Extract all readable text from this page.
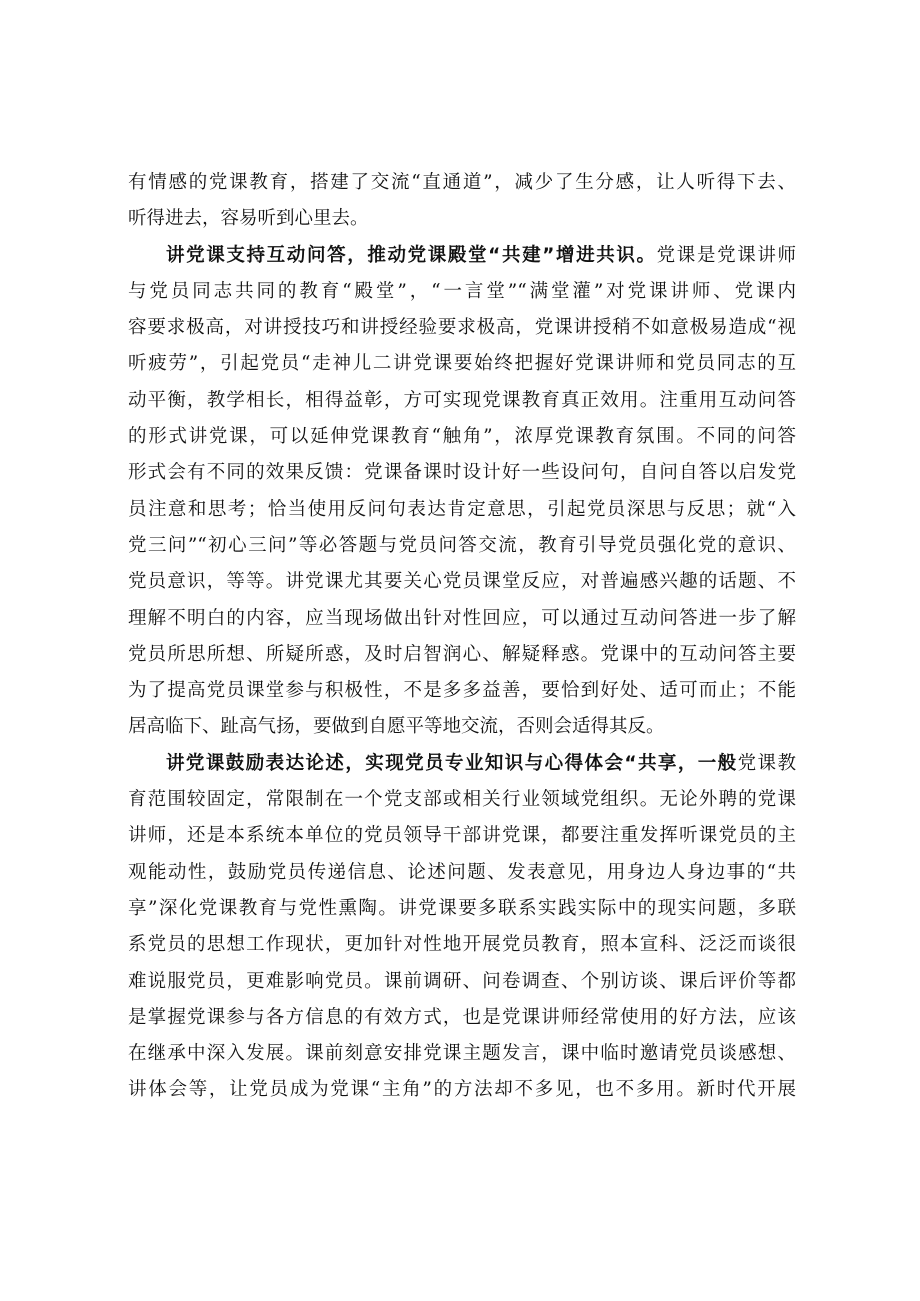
有情感的党课教育，搭建了交流“直通道”，减少了生分感，让人听得下去、
听得进去，容易听到心里去。
讲党课支持互动问答，推动党课殿堂“共建”增进共识。党课是党课讲师
与党员同志共同的教育“殿堂”，“一言堂”“满堂灌”对党课讲师、党课内
容要求极高，对讲授技巧和讲授经验要求极高，党课讲授稍不如意极易造成“视
听疲劳”，引起党员“走神儿二讲党课要始终把握好党课讲师和党员同志的互
动平衡，教学相长，相得益彰，方可实现党课教育真正效用。注重用互动问答
的形式讲党课，可以延伸党课教育“触角”，浓厚党课教育氛围。不同的问答
形式会有不同的效果反馈：党课备课时设计好一些设问句，自问自答以启发党
员注意和思考；恰当使用反问句表达肯定意思，引起党员深思与反思；就“入
党三问”“初心三问”等必答题与党员问答交流，教育引导党员强化党的意识、
党员意识，等等。讲党课尤其要关心党员课堂反应，对普遍感兴趣的话题、不
理解不明白的内容，应当现场做出针对性回应，可以通过互动问答进一步了解
党员所思所想、所疑所惑，及时启智润心、解疑释惑。党课中的互动问答主要
为了提高党员课堂参与积极性，不是多多益善，要恰到好处、适可而止；不能
居高临下、趾高气扬，要做到自愿平等地交流，否则会适得其反。
讲党课鼓励表达论述，实现党员专业知识与心得体会“共享，一般党课教
育范围较固定，常限制在一个党支部或相关行业领域党组织。无论外聘的党课
讲师，还是本系统本单位的党员领导干部讲党课，都要注重发挥听课党员的主
观能动性，鼓励党员传递信息、论述问题、发表意见，用身边人身边事的“共
享”深化党课教育与党性熏陶。讲党课要多联系实践实际中的现实问题，多联
系党员的思想工作现状，更加针对性地开展党员教育，照本宣科、泛泛而谈很
难说服党员，更难影响党员。课前调研、问卷调查、个别访谈、课后评价等都
是掌握党课参与各方信息的有效方式，也是党课讲师经常使用的好方法，应该
在继承中深入发展。课前刻意安排党课主题发言，课中临时邀请党员谈感想、
讲体会等，让党员成为党课“主角”的方法却不多见，也不多用。新时代开展
